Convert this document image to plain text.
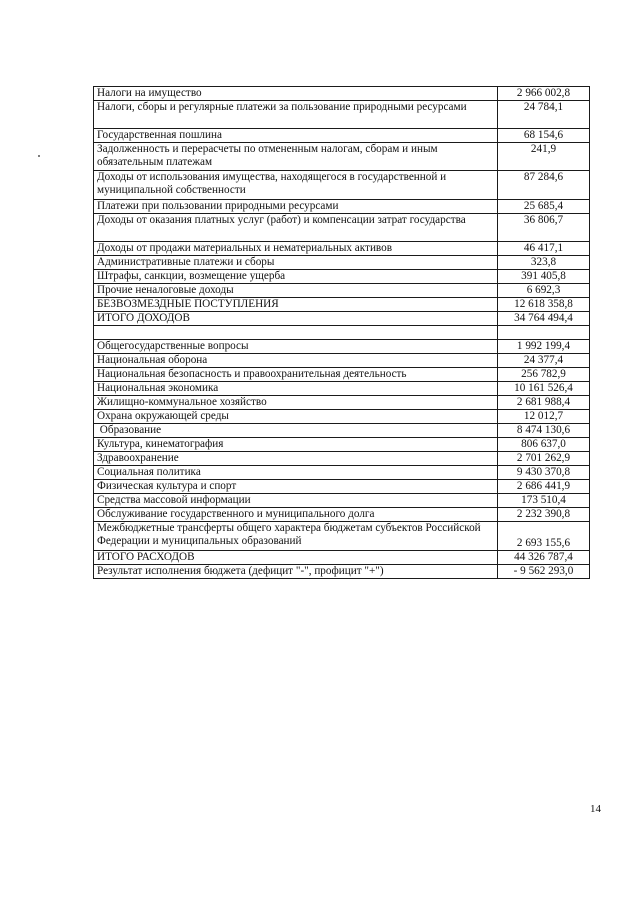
Налоги на имущество	2 966 002,8
Налоги, сборы и регулярные платежи за пользование природными ресурсами	24 784,1
Государственная пошлина	68 154,6
Задолженность и перерасчеты по отмененным налогам, сборам и иным обязательным платежам	241,9
Доходы от использования имущества, находящегося в государственной и муниципальной собственности	87 284,6
Платежи при пользовании природными ресурсами	25 685,4
Доходы от оказания платных услуг (работ) и компенсации затрат государства	36 806,7
Доходы от продажи материальных и нематериальных активов	46 417,1
Административные платежи и сборы	323,8
Штрафы, санкции, возмещение ущерба	391 405,8
Прочие неналоговые доходы	6 692,3
БЕЗВОЗМЕЗДНЫЕ ПОСТУПЛЕНИЯ	12 618 358,8
ИТОГО ДОХОДОВ	34 764 494,4

Общегосударственные вопросы	1 992 199,4
Национальная оборона	24 377,4
Национальная безопасность и правоохранительная деятельность	256 782,9
Национальная экономика	10 161 526,4
Жилищно-коммунальное хозяйство	2 681 988,4
Охрана окружающей среды	12 012,7
Образование	8 474 130,6
Культура, кинематография	806 637,0
Здравоохранение	2 701 262,9
Социальная политика	9 430 370,8
Физическая культура и спорт	2 686 441,9
Средства массовой информации	173 510,4
Обслуживание государственного и муниципального долга	2 232 390,8
Межбюджетные трансферты общего характера бюджетам субъектов Российской Федерации и муниципальных образований	2 693 155,6
ИТОГО РАСХОДОВ	44 326 787,4
Результат исполнения бюджета (дефицит "-", профицит "+")	- 9 562 293,0
14
